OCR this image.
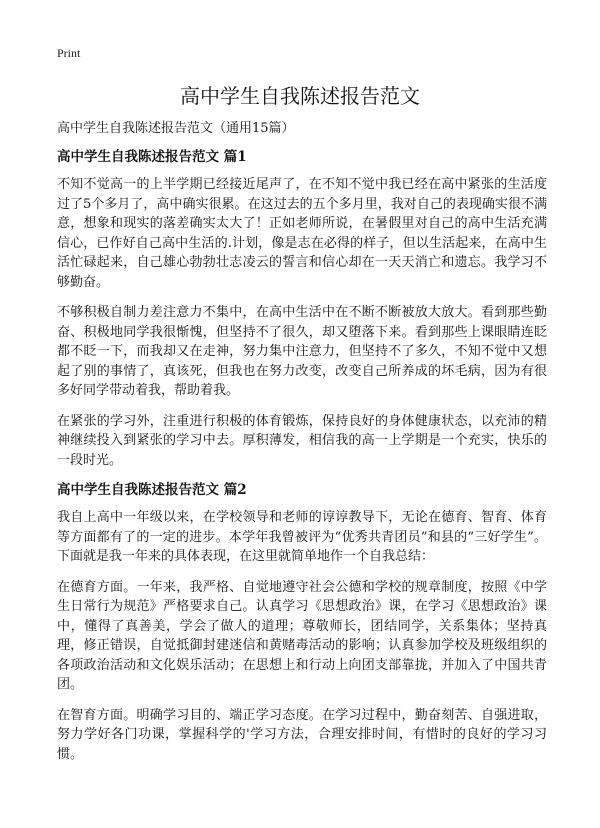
Print
高中学生自我陈述报告范文

高中学生自我陈述报告范文（通用15篇）

高中学生自我陈述报告范文 篇1

不知不觉高一的上半学期已经接近尾声了，在不知不觉中我已经在高中紧张的生活度过了5个多月了，高中确实很累。在这过去的五个多月里，我对自己的表现确实很不满意，想象和现实的落差确实太大了！正如老师所说，在暑假里对自己的高中生活充满信心，已作好自己高中生活的.计划，像是志在必得的样子，但以生活起来，在高中生活忙碌起来，自己雄心勃勃壮志凌云的誓言和信心却在一天天消亡和遗忘。我学习不够勤奋。

不够积极自制力差注意力不集中，在高中生活中在不断不断被放大放大。看到那些勤奋、积极地同学我很惭愧，但坚持不了很久，却又堕落下来。看到那些上课眼睛连眨都不眨一下，而我却又在走神，努力集中注意力，但坚持不了多久，不知不觉中又想起了别的事情了，真该死，但我也在努力改变，改变自己所养成的坏毛病，因为有很多好同学带动着我，帮助着我。

在紧张的学习外，注重进行积极的体育锻炼，保持良好的身体健康状态，以充沛的精神继续投入到紧张的学习中去。厚积薄发，相信我的高一上学期是一个充实，快乐的一段时光。

高中学生自我陈述报告范文 篇2

我自上高中一年级以来，在学校领导和老师的谆谆教导下，无论在德育、智育、体育等方面都有了的一定的进步。本学年我曾被评为“优秀共青团员”和县的“三好学生”。下面就是我一年来的具体表现，在这里就简单地作一个自我总结：

在德育方面。一年来，我严格、自觉地遵守社会公德和学校的规章制度，按照《中学生日常行为规范》严格要求自己。认真学习《思想政治》课，在学习《思想政治》课中，懂得了真善美，学会了做人的道理；尊敬师长，团结同学，关系集体；坚持真理，修正错误，自觉抵御封建迷信和黄赌毒活动的影响；认真参加学校及班级组织的各项政治活动和文化娱乐活动；在思想上和行动上向团支部靠拢，并加入了中国共青团。

在智育方面。明确学习目的、端正学习态度。在学习过程中，勤奋刻苦、自强进取，努力学好各门功课，掌握科学的'学习方法，合理安排时间，有惜时的良好的学习习惯。
